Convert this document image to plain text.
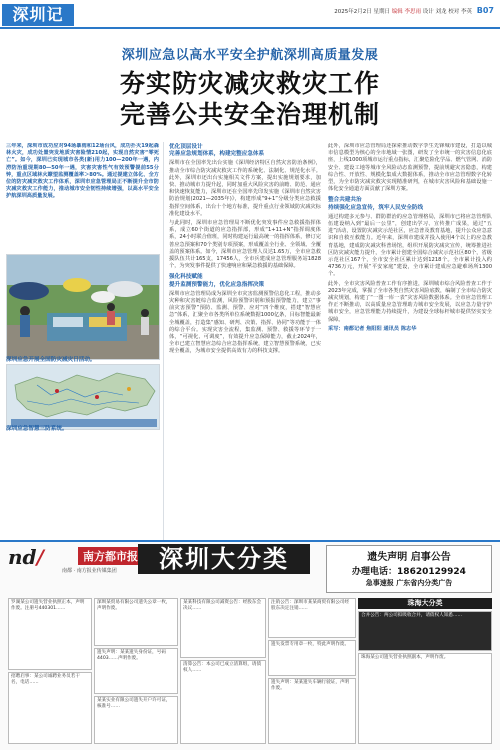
深圳记	2025年2月2日 星期日 编辑 李思雨 设计 刘龙 校对 李英 B07
深圳应急以高水平安全护航深圳高质量发展
夯实防灾减灾救灾工作
完善公共安全治理机制
三年来，深圳市成功应对94场暴雨和12场台风，成功扑灭19起森林火灾，成功处置突发地质灾害险情210起，实现自然灾害“零死亡”。如今，深圳已实现城市各类(新)用力100—200年一遇，内涝防治重现期80—50年一遇，灾害灾害性气有效预警提前55分钟，重点区域林火瞭望监测覆盖率＞80%。通过提建立体化、全方位的防灾减灾救灾工作体系，深圳市应急管理局正不断提升全市防灾减灾救灾工作能力，推动城市安全韧性持续增强，以高水平安全护航深圳高质量发展。
深圳应急开展全国防灾减灾日活动。
深圳应急智慧三防系统。
优化顶层设计
完善应急规划体系，构建完整应急体系

深圳市在全国率先出台实施《深圳经济特区自然灾害防治条例》，推动全市综合防灾减灾救灾工作的系统化、法制化、规范化水平。此外，深圳市还出台实施相关文件方案，提出实施规划要求，加快、推动城市力提升起，同时加重大风险灾害的前瞻、防范、通应和快速恢复能力，深圳市还在全国率先印发实施《深圳市自然灾害防治规划(2021—2035年)》，构建形成“9+1”分级分类应急救援指挥空间体系，出台十个地方标准，提升重点行业领域防灾减灾标准化建设水平。

与此同时，深圳市应急管理局不断优化突发事件应急救援指挥体系，成立60个街道的应急指挥部，形成“1+11+N”指挥调度体系，24小时联合值班，同时构建运行最高统一的指挥体系，修订完善应急预案和70个类别专项预案，形成覆盖全行业、全领域、全覆盖的预案体系。如今，深圳市应急管理人员达1.65万，全市应急救援队伍共计165支，17456人，全市兵建成应急管理服务站1828个，为突发事件提供了快速响应和紧急救援的基础保障。

强化科技赋能
提升监测预警能力，优化应急指挥决策

深圳市应急管理局成为深圳全市灾害监测预警信息化工程，推动多灾种和灾害链综合监测，风险预警识别和预报预警能力，建立“事前灾害预警”预防、监测、预警、应对”四个维度，搭建“智慧应急”体系，汇聚全市各类所单位系统数据1000亿条，目标智能最新全城覆盖，打造集“感知、研判、决策、指挥、协同”等功能于一体的综合平台。实现灾害全流程，集监测、预警、救援等环节于一体，“可视化、可调度”，有效提升应急保障能力，截止2024年，全市已建立智慧应急综合应急指挥系统，建立智慧预警系统，已实现全覆盖，为城市安全提供高效有力的科技支撑。

此外，深圳市应急管理局还探索推动数字孪生先锋城市建设，打造以城市信息模型为核心的全市地域一张图，研发了全市统一的灾害信息化底座，上线1000项城市运行重点指标，汇聚危险化学品、燃气管网、消防安全、建设工地等城市全风险动态监测预警，提前规避灾害隐患，构建综合性、开放性、规模化集成大数据体系，推动全市应急管理数字化转型，为全市防灾减灾救灾实现精准研判，在城市灾害风险和基础设施一体化安全通道方面贡献了深圳方案。

整合共建共治
持续强化应急宣传，筑牢人民安全防线

通过构建多元参与、群防群治的应急管理格局，深圳市已将应急管理队伍建设纳入到“最后一公里”，创建出学习、宣传推广成果，通过“五进”活动，设置防灾减灾示范社区，应急普及教育基地，提升公众应急意识和自救互救能力。近年来，深圳市建成并投入使用4个以上的应急教育基地，建成防灾减灾科普场馆，组织开展防灾减灾宣传，统筹推进社区防灾减灾能力提升，全市累计创建全国综合减灾示范社区80个，省级示范社区167个，全市安全社区累计达到1218个。全市累计投入约4736万元，开展“平安家庭”建设，全市累计建成应急避难场所1300个。

此外，全市灾害风险普查工作有序推进，深圳城市综合风险普查工作于2023年完成，掌握了全市各类自然灾害风险底数，编制了全市综合防灾减灾规划，构建了“一图一库一表”灾害风险数据体系。全市应急管理工作正不断推动，以高质量应急管理助力城市安全发展，以应急力量守护城市安全，应急管理能力持续提升，为建设全球标杆城市提供坚实安全保障。

采写：南都记者 焦阳阳 通讯员 陈志华

nd/	南方都市报
南都 · 南方报业传媒集团	深圳大分类	遗失声明 启事公告
办理电话：18620129924
急事速报 广东省内分类广告
珠海大分类
罗湖某公司遗失营业执照正本，声明作废。注册号440301……
深圳某贸易有限公司遗失公章一枚，声明作废。
遗失声明：某某遗失身份证，号码4403……声明作废。
某某科技有限公司减资公告：经股东会决议……
注销公告：深圳市某某商贸有限公司经股东决定注销……
遗失发票专用章一枚，特此声明作废。
招聘启事：某公司诚聘业务员若干名，电话……
某某实业有限公司遗失开户许可证，核准号……
清算公告：本公司已成立清算组，请债权人……
遗失声明：某某遗失车辆行驶证，声明作废。
合并公告：两公司拟吸收合并，请债权人知悉……
珠海某公司遗失营业执照副本，声明作废。
